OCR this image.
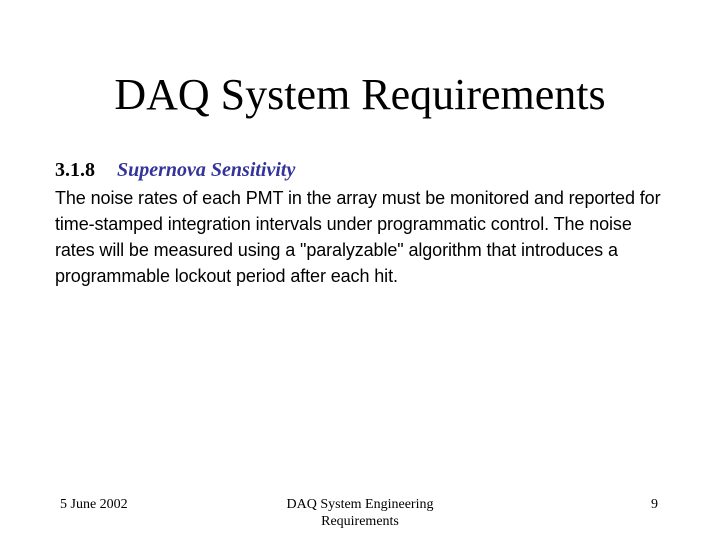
DAQ System Requirements
3.1.8 Supernova Sensitivity
The noise rates of each PMT in the array must be monitored and reported for time-stamped integration intervals under programmatic control. The noise rates will be measured using a "paralyzable" algorithm that introduces a programmable lockout period after each hit.
5 June 2002	DAQ System Engineering
Requirements
9
